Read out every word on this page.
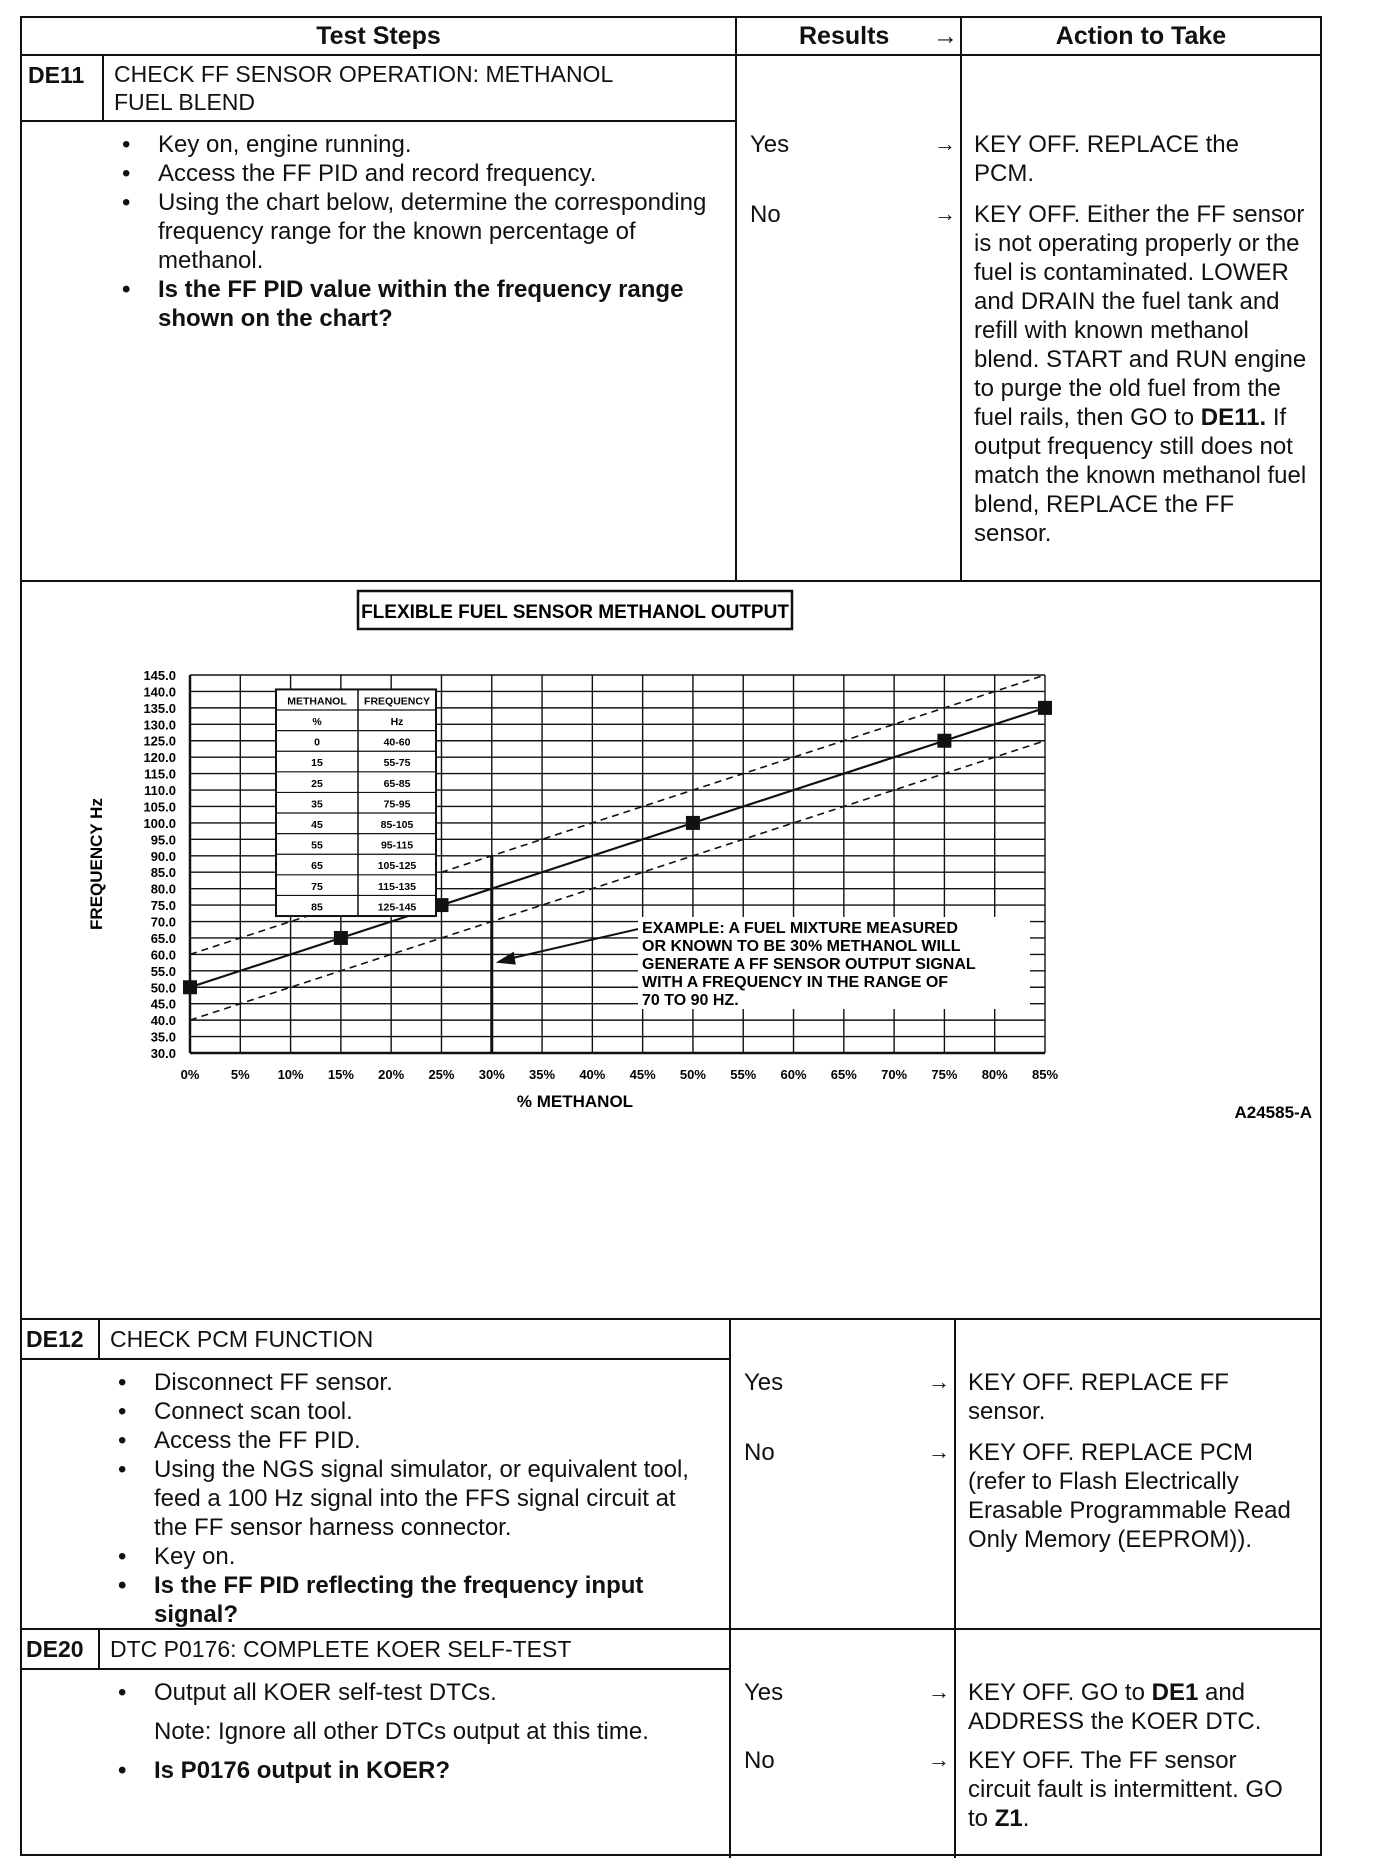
Test Steps	Results →	Action to Take
DE11 CHECK FF SENSOR OPERATION: METHANOL FUEL BLEND
• Key on, engine running.
• Access the FF PID and record frequency.
• Using the chart below, determine the corresponding frequency range for the known percentage of methanol.
• Is the FF PID value within the frequency range shown on the chart?
Yes	→ KEY OFF. REPLACE the PCM.
No	→ KEY OFF. Either the FF sensor is not operating properly or the fuel is contaminated. LOWER and DRAIN the fuel tank and refill with known methanol blend. START and RUN engine to purge the old fuel from the fuel rails, then GO to DE11. If output frequency still does not match the known methanol fuel blend, REPLACE the FF sensor.
FLEXIBLE FUEL SENSOR METHANOL OUTPUT
145.0
140.0
135.0
130.0
125.0
120.0
115.0
110.0
105.0
100.0
95.0
90.0
85.0
80.0
75.0
70.0
65.0
60.0
55.0
50.0
45.0
40.0
35.0
30.0
0% 5% 10% 15% 20% 25% 30% 35% 40% 45% 50% 55% 60% 65% 70% 75% 80% 85%
% METHANOL
FREQUENCY Hz
METHANOL FREQUENCY
%	Hz
0	40-60
15	55-75
25	65-85
35	75-95
45	85-105
55	95-115
65	105-125
75	115-135
85	125-145
EXAMPLE: A FUEL MIXTURE MEASURED
OR KNOWN TO BE 30% METHANOL WILL
GENERATE A FF SENSOR OUTPUT SIGNAL
WITH A FREQUENCY IN THE RANGE OF
70 TO 90 HZ.
A24585-A
DE12 CHECK PCM FUNCTION
• Disconnect FF sensor.
• Connect scan tool.
• Access the FF PID.
• Using the NGS signal simulator, or equivalent tool, feed a 100 Hz signal into the FFS signal circuit at the FF sensor harness connector.
• Key on.
• Is the FF PID reflecting the frequency input signal?
Yes	→ KEY OFF. REPLACE FF sensor.
No	→ KEY OFF. REPLACE PCM (refer to Flash Electrically  Erasable Programmable Read Only Memory (EEPROM)).
DE20 DTC P0176: COMPLETE KOER SELF-TEST
• Output all KOER self-test DTCs.
Note: Ignore all other DTCs output at this time.
• Is P0176 output in KOER?
Yes	→ KEY OFF. GO to DE1 and ADDRESS the KOER DTC.
No	→ KEY OFF. The FF sensor circuit fault is intermittent. GO to Z1.
